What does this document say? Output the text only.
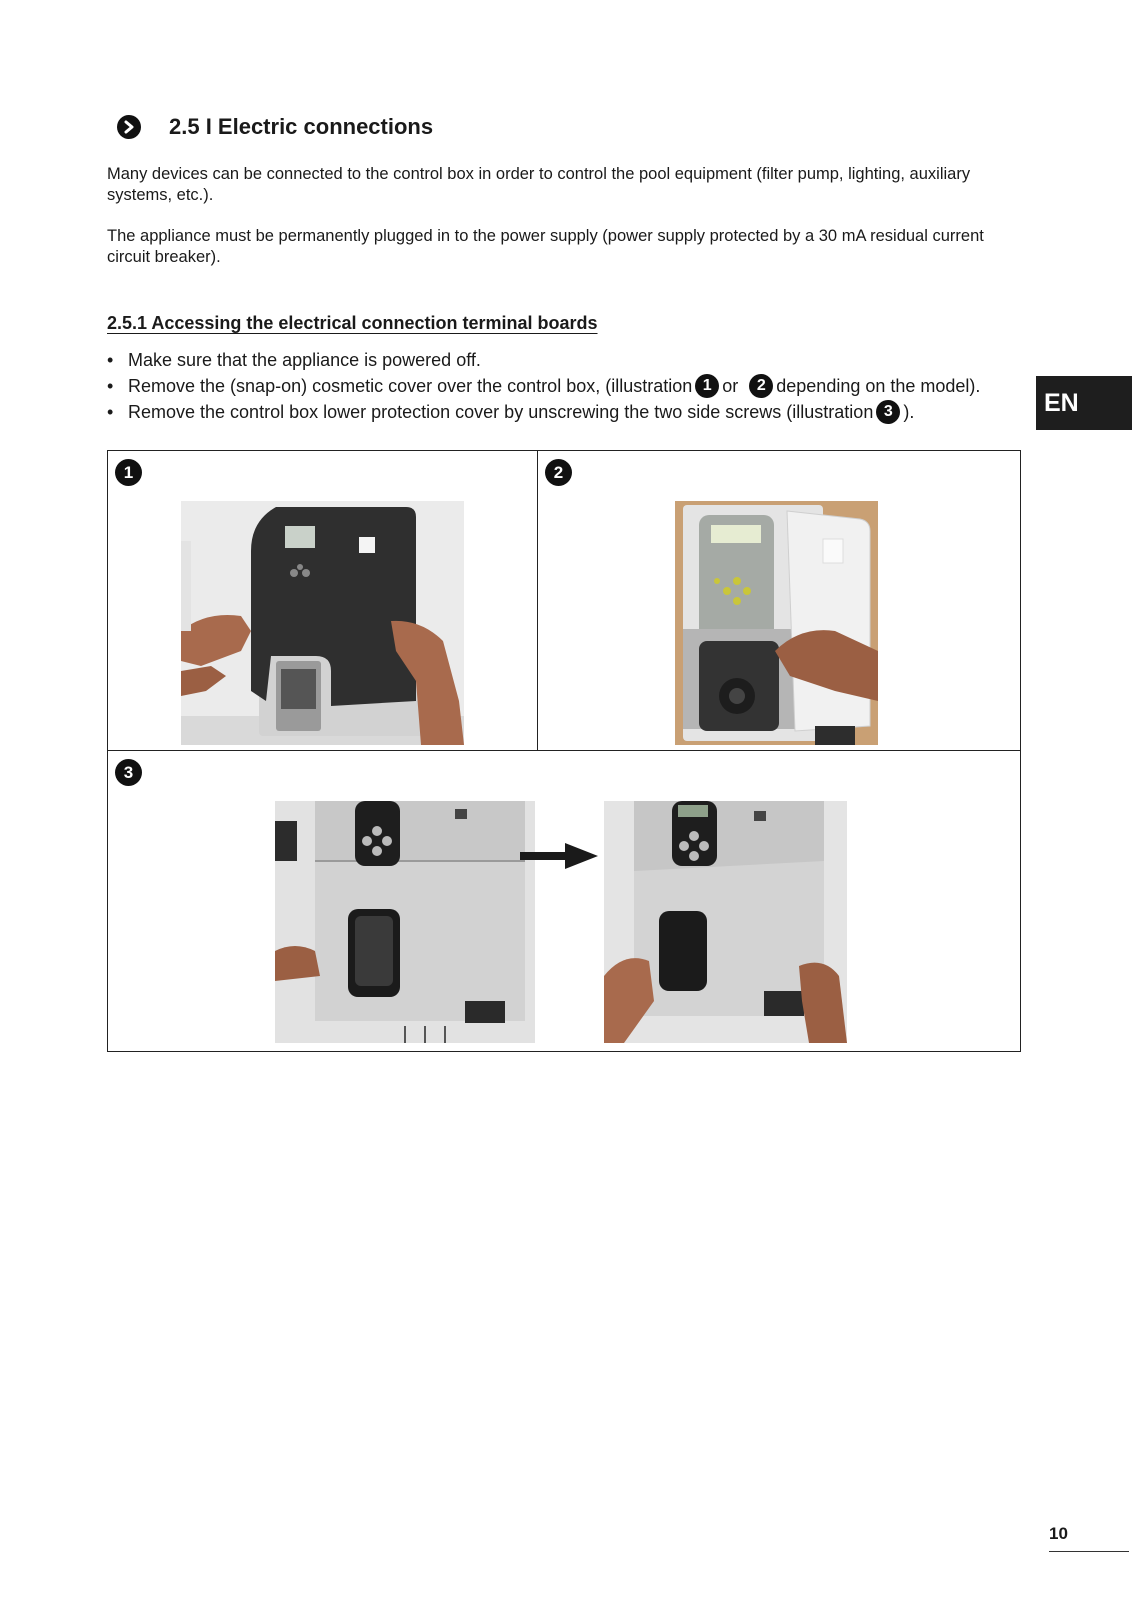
2.5 I Electric connections

Many devices can be connected to the control box in order to control the pool equipment (filter pump, lighting, auxiliary systems, etc.).

The appliance must be permanently plugged in to the power supply (power supply protected by a 30 mA residual current circuit breaker).

2.5.1 Accessing the electrical connection terminal boards
• Make sure that the appliance is powered off.
• Remove the (snap-on) cosmetic cover over the control box, (illustration 1 or	2 depending on the model).
• Remove the control box lower protection cover by unscrewing the two side screws (illustration 3 ).	EN
1	2
3
10
